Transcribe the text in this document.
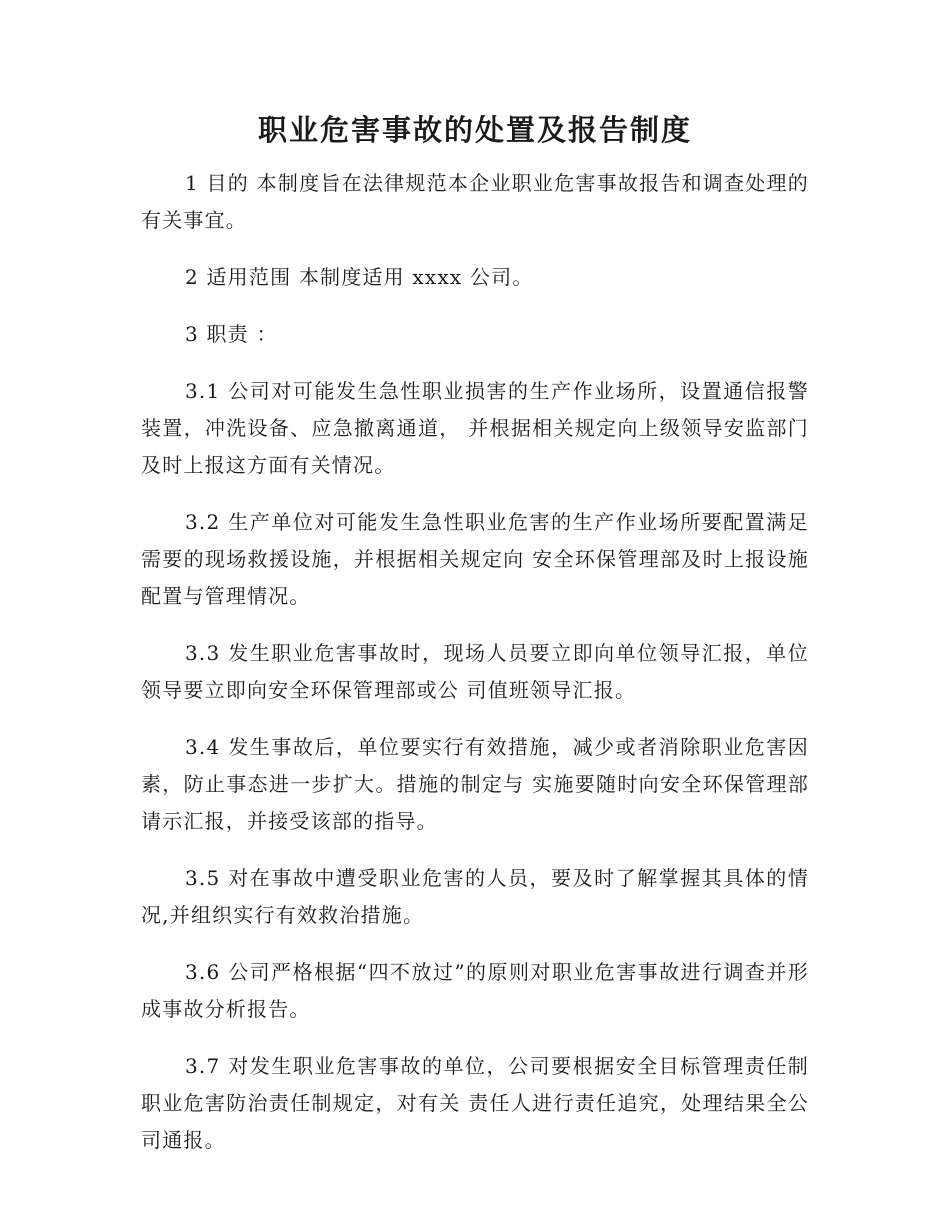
职业危害事故的处置及报告制度

1 目的 本制度旨在法律规范本企业职业危害事故报告和调查处理的有关事宜。

2 适用范围 本制度适用 xxxx 公司。

3 职责 ：

3.1 公司对可能发生急性职业损害的生产作业场所，设置通信报警装置，冲洗设备、应急撤离通道， 并根据相关规定向上级领导安监部门及时上报这方面有关情况。

3.2 生产单位对可能发生急性职业危害的生产作业场所要配置满足需要的现场救援设施，并根据相关规定向 安全环保管理部及时上报设施配置与管理情况。

3.3 发生职业危害事故时，现场人员要立即向单位领导汇报，单位领导要立即向安全环保管理部或公 司值班领导汇报。

3.4 发生事故后，单位要实行有效措施，减少或者消除职业危害因素，防止事态进一步扩大。措施的制定与 实施要随时向安全环保管理部请示汇报，并接受该部的指导。

3.5 对在事故中遭受职业危害的人员，要及时了解掌握其具体的情况,并组织实行有效救治措施。

3.6 公司严格根据“四不放过”的原则对职业危害事故进行调查并形成事故分析报告。

3.7 对发生职业危害事故的单位，公司要根据安全目标管理责任制职业危害防治责任制规定，对有关 责任人进行责任追究，处理结果全公司通报。
